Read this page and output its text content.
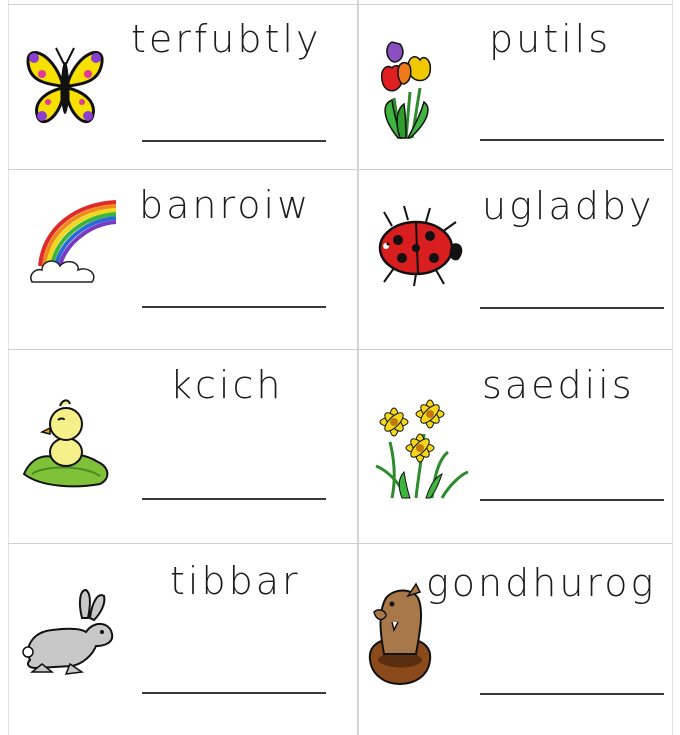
terfubtly	putils
banroiw	ugladby
kcich	saediis
tibbar	gondhurog
